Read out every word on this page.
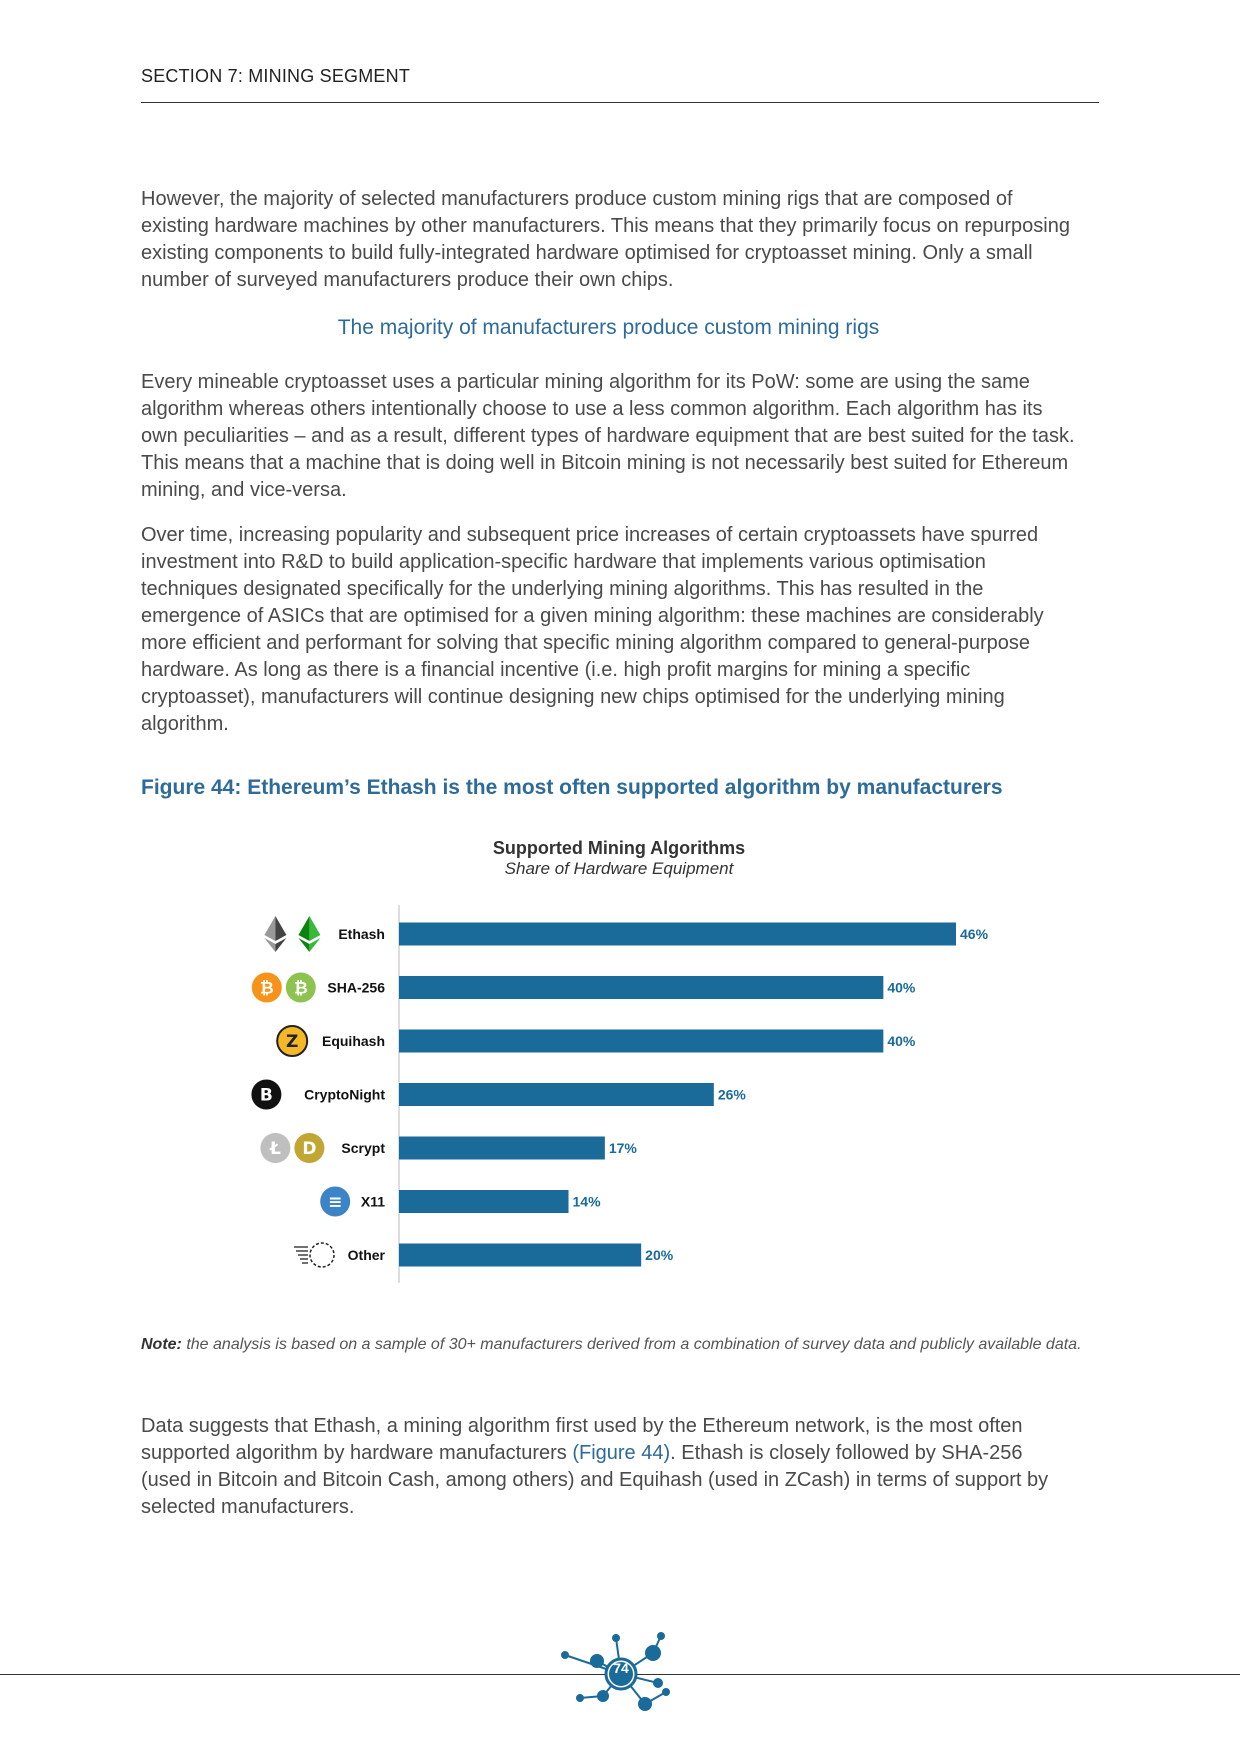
SECTION 7: MINING SEGMENT

However, the majority of selected manufacturers produce custom mining rigs that are composed of existing hardware machines by other manufacturers. This means that they primarily focus on repurposing existing components to build fully-integrated hardware optimised for cryptoasset mining. Only a small number of surveyed manufacturers produce their own chips.

The majority of manufacturers produce custom mining rigs

Every mineable cryptoasset uses a particular mining algorithm for its PoW: some are using the same algorithm whereas others intentionally choose to use a less common algorithm. Each algorithm has its own peculiarities – and as a result, different types of hardware equipment that are best suited for the task. This means that a machine that is doing well in Bitcoin mining is not necessarily best suited for Ethereum mining, and vice-versa.

Over time, increasing popularity and subsequent price increases of certain cryptoassets have spurred investment into R&D to build application-specific hardware that implements various optimisation techniques designated specifically for the underlying mining algorithms. This has resulted in the emergence of ASICs that are optimised for a given mining algorithm: these machines are considerably more efficient and performant for solving that specific mining algorithm compared to general-purpose hardware. As long as there is a financial incentive (i.e. high profit margins for mining a specific cryptoasset), manufacturers will continue designing new chips optimised for the underlying mining algorithm.

Figure 44: Ethereum’s Ethash is the most often supported algorithm by manufacturers

Supported Mining Algorithms
Share of Hardware Equipment
46%
Ethash
40%
SHA-256
₿
₿
40%
Equihash
Z
26%
CryptoNight
B
17%
Scrypt
D
Ł
14%
X11
≡
20%
Other

Note: the analysis is based on a sample of 30+ manufacturers derived from a combination of survey data and publicly available data.

Data suggests that Ethash, a mining algorithm first used by the Ethereum network, is the most often supported algorithm by hardware manufacturers (Figure 44). Ethash is closely followed by SHA-256 (used in Bitcoin and Bitcoin Cash, among others) and Equihash (used in ZCash) in terms of support by selected manufacturers.

74
